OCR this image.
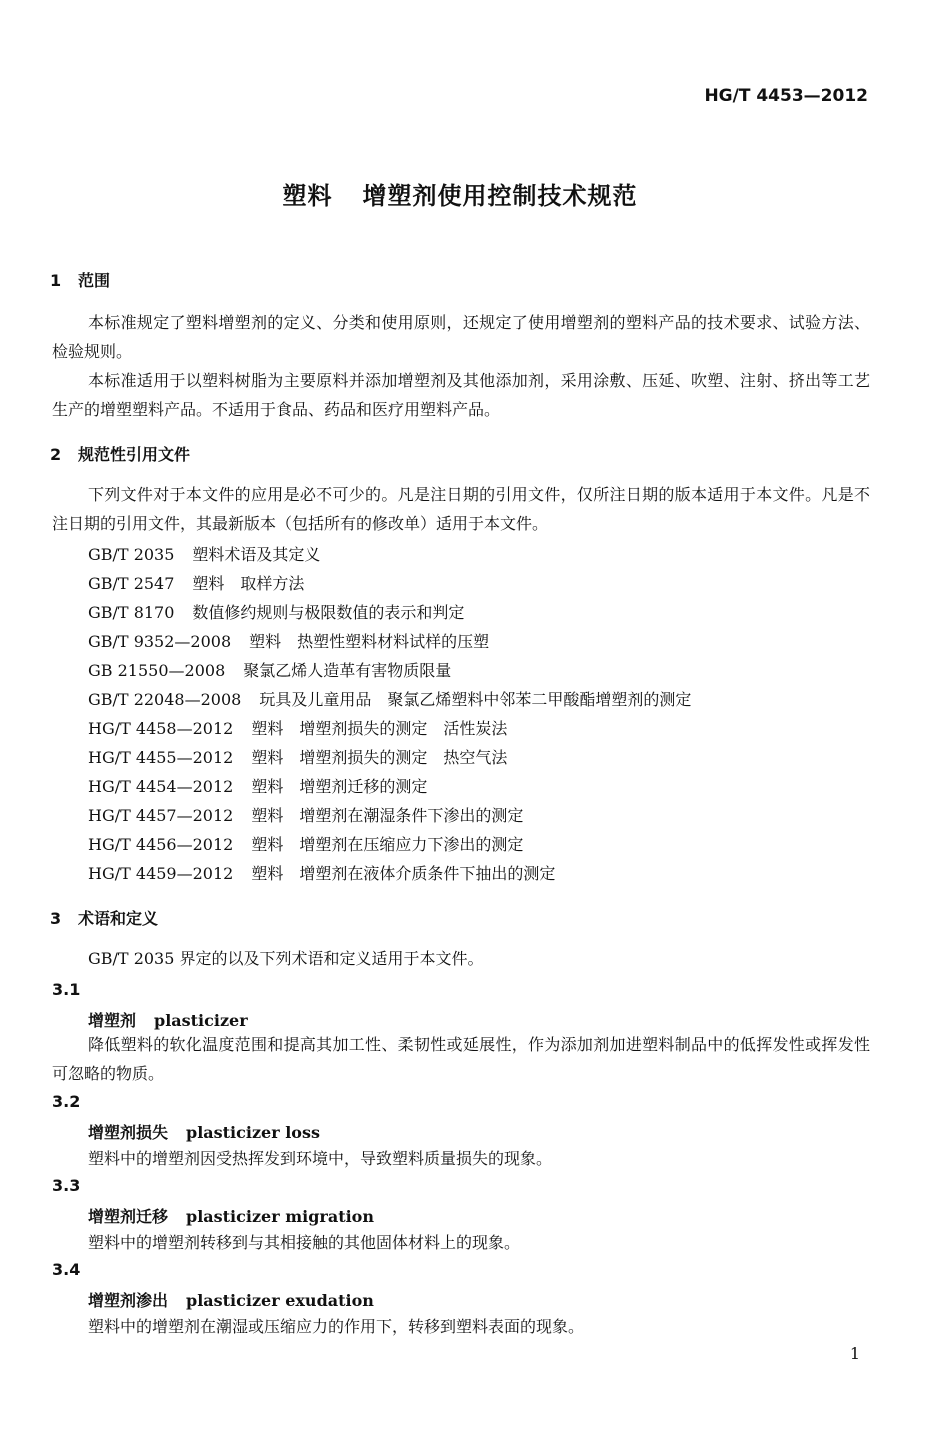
HG/T 4453—2012
塑料 增塑剂使用控制技术规范
1 范围
本标准规定了塑料增塑剂的定义、分类和使用原则，还规定了使用增塑剂的塑料产品的技术要求、试验方法、检验规则。
本标准适用于以塑料树脂为主要原料并添加增塑剂及其他添加剂，采用涂敷、压延、吹塑、注射、挤出等工艺生产的增塑塑料产品。不适用于食品、药品和医疗用塑料产品。
2 规范性引用文件
下列文件对于本文件的应用是必不可少的。凡是注日期的引用文件，仅所注日期的版本适用于本文件。凡是不注日期的引用文件，其最新版本（包括所有的修改单）适用于本文件。
GB/T 2035 塑料术语及其定义
GB/T 2547 塑料　取样方法
GB/T 8170 数值修约规则与极限数值的表示和判定
GB/T 9352—2008 塑料　热塑性塑料材料试样的压塑
GB 21550—2008 聚氯乙烯人造革有害物质限量
GB/T 22048—2008 玩具及儿童用品　聚氯乙烯塑料中邻苯二甲酸酯增塑剂的测定
HG/T 4458—2012 塑料　增塑剂损失的测定　活性炭法
HG/T 4455—2012 塑料　增塑剂损失的测定　热空气法
HG/T 4454—2012 塑料　增塑剂迁移的测定
HG/T 4457—2012 塑料　增塑剂在潮湿条件下渗出的测定
HG/T 4456—2012 塑料　增塑剂在压缩应力下渗出的测定
HG/T 4459—2012 塑料　增塑剂在液体介质条件下抽出的测定
3 术语和定义
GB/T 2035 界定的以及下列术语和定义适用于本文件。
3.1
增塑剂 plasticizer
降低塑料的软化温度范围和提高其加工性、柔韧性或延展性，作为添加剂加进塑料制品中的低挥发性或挥发性可忽略的物质。
3.2
增塑剂损失 plasticizer loss
塑料中的增塑剂因受热挥发到环境中，导致塑料质量损失的现象。
3.3
增塑剂迁移 plasticizer migration
塑料中的增塑剂转移到与其相接触的其他固体材料上的现象。
3.4
增塑剂渗出 plasticizer exudation
塑料中的增塑剂在潮湿或压缩应力的作用下，转移到塑料表面的现象。
1
